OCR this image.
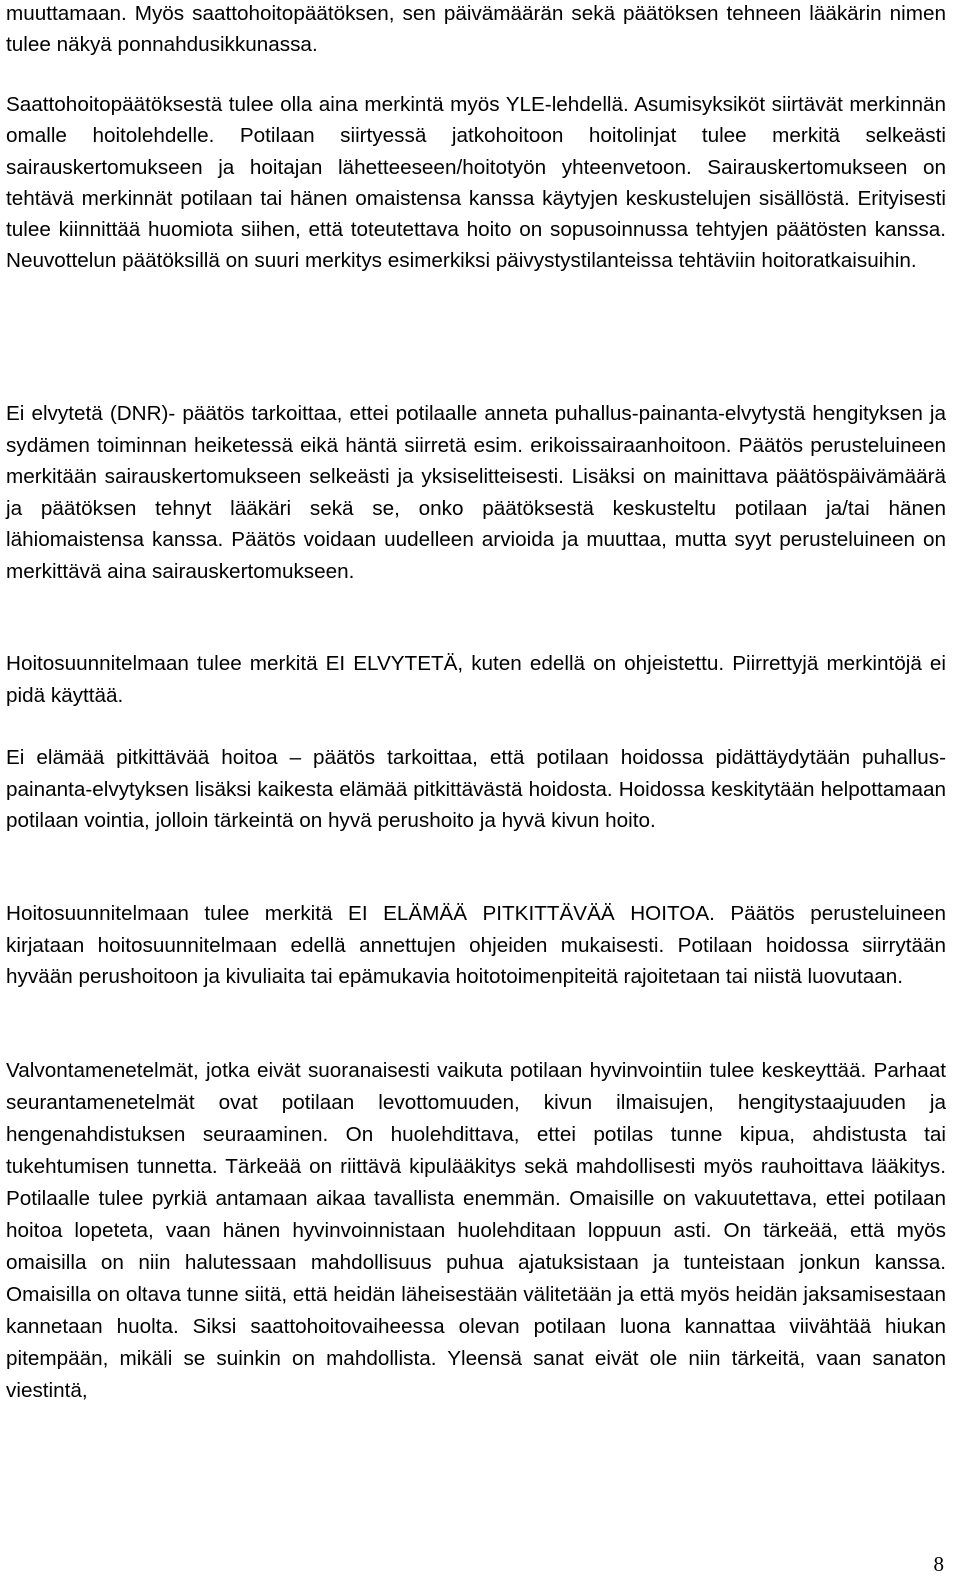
muuttamaan. Myös saattohoitopäätöksen, sen päivämäärän sekä päätöksen tehneen lääkärin nimen tulee näkyä ponnahdusikkunassa.

Saattohoitopäätöksestä tulee olla aina merkintä myös YLE-lehdellä. Asumisyksiköt siirtävät merkinnän omalle hoitolehdelle. Potilaan siirtyessä jatkohoitoon hoitolinjat tulee merkitä selkeästi sairauskertomukseen ja hoitajan lähetteeseen/hoitotyön yhteenvetoon. Sairauskertomukseen on tehtävä merkinnät potilaan tai hänen omaistensa kanssa käytyjen keskustelujen sisällöstä. Erityisesti tulee kiinnittää huomiota siihen, että toteutettava hoito on sopusoinnussa tehtyjen päätösten kanssa. Neuvottelun päätöksillä on suuri merkitys esimerkiksi päivystystilanteissa tehtäviin hoitoratkaisuihin.

Ei elvytetä (DNR)- päätös tarkoittaa, ettei potilaalle anneta puhallus-painanta-elvytystä hengityksen ja sydämen toiminnan heiketessä eikä häntä siirretä esim. erikoissairaanhoitoon. Päätös perusteluineen merkitään sairauskertomukseen selkeästi ja yksiselitteisesti. Lisäksi on mainittava päätöspäivämäärä ja päätöksen tehnyt lääkäri sekä se, onko päätöksestä keskusteltu potilaan ja/tai hänen lähiomaistensa kanssa. Päätös voidaan uudelleen arvioida ja muuttaa, mutta syyt perusteluineen on merkittävä aina sairauskertomukseen.

Hoitosuunnitelmaan tulee merkitä EI ELVYTETÄ, kuten edellä on ohjeistettu. Piirrettyjä merkintöjä ei pidä käyttää.

Ei elämää pitkittävää hoitoa – päätös tarkoittaa, että potilaan hoidossa pidättäydytään puhallus-painanta-elvytyksen lisäksi kaikesta elämää pitkittävästä hoidosta. Hoidossa keskitytään helpottamaan potilaan vointia, jolloin tärkeintä on hyvä perushoito ja hyvä kivun hoito.

Hoitosuunnitelmaan tulee merkitä EI ELÄMÄÄ PITKITTÄVÄÄ HOITOA. Päätös perusteluineen kirjataan hoitosuunnitelmaan edellä annettujen ohjeiden mukaisesti. Potilaan hoidossa siirrytään hyvään perushoitoon ja kivuliaita tai epämukavia hoitotoimenpiteitä rajoitetaan tai niistä luovutaan.

Valvontamenetelmät, jotka eivät suoranaisesti vaikuta potilaan hyvinvointiin tulee keskeyttää. Parhaat seurantamenetelmät ovat potilaan levottomuuden, kivun ilmaisujen, hengitystaajuuden ja hengenahdistuksen seuraaminen. On huolehdittava, ettei potilas tunne kipua, ahdistusta tai tukehtumisen tunnetta. Tärkeää on riittävä kipulääkitys sekä mahdollisesti myös rauhoittava lääkitys. Potilaalle tulee pyrkiä antamaan aikaa tavallista enemmän. Omaisille on vakuutettava, ettei potilaan hoitoa lopeteta, vaan hänen hyvinvoinnistaan huolehditaan loppuun asti. On tärkeää, että myös omaisilla on niin halutessaan mahdollisuus puhua ajatuksistaan ja tunteistaan jonkun kanssa. Omaisilla on oltava tunne siitä, että heidän läheisestään välitetään ja että myös heidän jaksamisestaan kannetaan huolta. Siksi saattohoitovaiheessa olevan potilaan luona kannattaa viivähtää hiukan pitempään, mikäli se suinkin on mahdollista. Yleensä sanat eivät ole niin tärkeitä, vaan sanaton viestintä,

8
